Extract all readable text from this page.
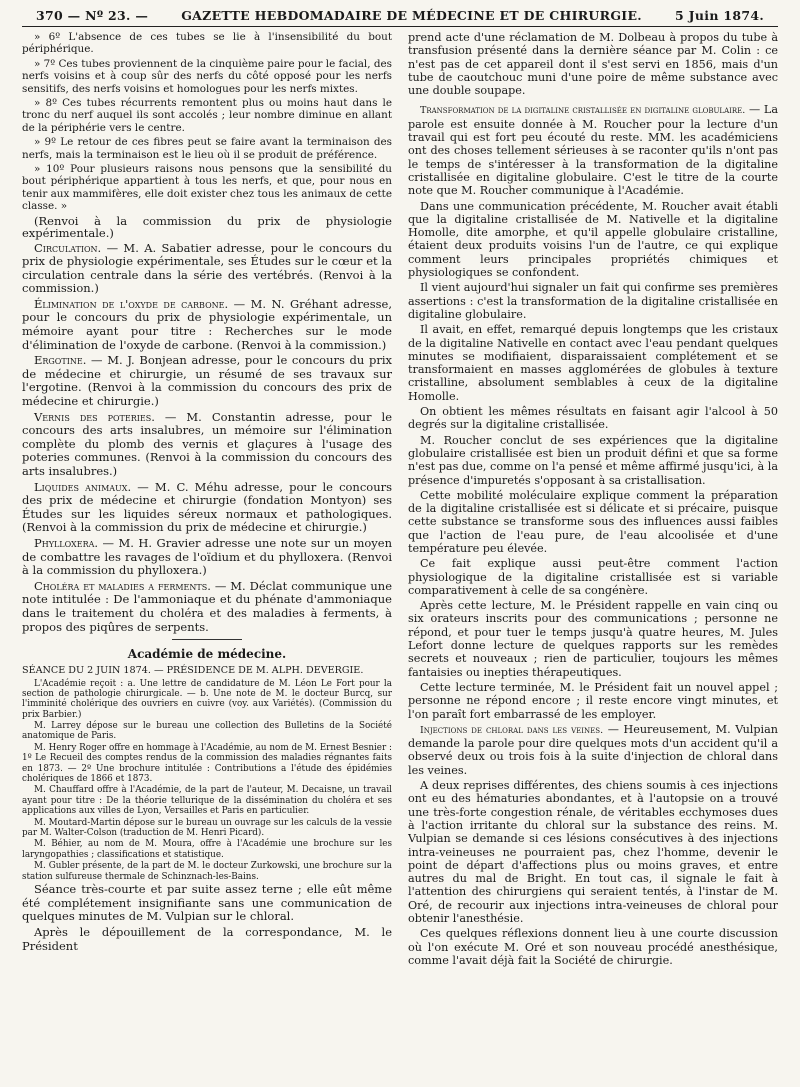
370 — Nº 23. —	GAZETTE HEBDOMADAIRE DE MÉDECINE ET DE CHIRURGIE.	5 Juin 1874.

» 6º L'absence de ces tubes se lie à l'insensibilité du bout périphérique.

» 7º Ces tubes proviennent de la cinquième paire pour le facial, des nerfs voisins et à coup sûr des nerfs du côté opposé pour les nerfs sensitifs, des nerfs voisins et homologues pour les nerfs mixtes.

» 8º Ces tubes récurrents remontent plus ou moins haut dans le tronc du nerf auquel ils sont accolés ; leur nombre diminue en allant de la périphérie vers le centre.

» 9º Le retour de ces fibres peut se faire avant la terminaison des nerfs, mais la terminaison est le lieu où il se produit de préférence.

» 10º Pour plusieurs raisons nous pensons que la sensibilité du bout périphérique appartient à tous les nerfs, et que, pour nous en tenir aux mammifères, elle doit exister chez tous les animaux de cette classe. »

(Renvoi à la commission du prix de physiologie expérimentale.)

Circulation. — M. A. Sabatier adresse, pour le concours du prix de physiologie expérimentale, ses Études sur le cœur et la circulation centrale dans la série des vertébrés. (Renvoi à la commission.)

Élimination de l'oxyde de carbone. — M. N. Gréhant adresse, pour le concours du prix de physiologie expérimentale, un mémoire ayant pour titre : Recherches sur le mode d'élimination de l'oxyde de carbone. (Renvoi à la commission.)

Ergotine. — M. J. Bonjean adresse, pour le concours du prix de médecine et chirurgie, un résumé de ses travaux sur l'ergotine. (Renvoi à la commission du concours des prix de médecine et chirurgie.)

Vernis des poteries. — M. Constantin adresse, pour le concours des arts insalubres, un mémoire sur l'élimination complète du plomb des vernis et glaçures à l'usage des poteries communes. (Renvoi à la commission du concours des arts insalubres.)

Liquides animaux. — M. C. Méhu adresse, pour le concours des prix de médecine et chirurgie (fondation Montyon) ses Études sur les liquides séreux normaux et pathologiques. (Renvoi à la commission du prix de médecine et chirurgie.)

Phylloxera. — M. H. Gravier adresse une note sur un moyen de combattre les ravages de l'oïdium et du phylloxera. (Renvoi à la commission du phylloxera.)

Choléra et maladies a ferments. — M. Déclat communique une note intitulée : De l'ammoniaque et du phénate d'ammoniaque dans le traitement du choléra et des maladies à ferments, à propos des piqûres de serpents.

Académie de médecine.

SÉANCE DU 2 JUIN 1874. — PRÉSIDENCE DE M. ALPH. DEVERGIE.

L'Académie reçoit : a. Une lettre de candidature de M. Léon Le Fort pour la section de pathologie chirurgicale. — b. Une note de M. le docteur Burcq, sur l'imminité cholérique des ouvriers en cuivre (voy. aux Variétés). (Commission du prix Barbier.)

M. Larrey dépose sur le bureau une collection des Bulletins de la Société anatomique de Paris.

M. Henry Roger offre en hommage à l'Académie, au nom de M. Ernest Besnier : 1º Le Recueil des comptes rendus de la commission des maladies régnantes faits en 1873. — 2º Une brochure intitulée : Contributions a l'étude des épidémies cholériques de 1866 et 1873.

M. Chauffard offre à l'Académie, de la part de l'auteur, M. Decaisne, un travail ayant pour titre : De la théorie tellurique de la dissémination du choléra et ses applications aux villes de Lyon, Versailles et Paris en particulier.

M. Moutard-Martin dépose sur le bureau un ouvrage sur les calculs de la vessie par M. Walter-Colson (traduction de M. Henri Picard).

M. Béhier, au nom de M. Moura, offre à l'Académie une brochure sur les laryngopathies ; classifications et statistique.

M. Gubler présente, de la part de M. le docteur Zurkowski, une brochure sur la station sulfureuse thermale de Schinznach-les-Bains.

Séance très-courte et par suite assez terne ; elle eût même été complétement insignifiante sans une communication de quelques minutes de M. Vulpian sur le chloral.

Après le dépouillement de la correspondance, M. le Président

prend acte d'une réclamation de M. Dolbeau à propos du tube à transfusion présenté dans la dernière séance par M. Colin : ce n'est pas de cet appareil dont il s'est servi en 1856, mais d'un tube de caoutchouc muni d'une poire de même substance avec une double soupape.

Transformation de la digitaline cristallisée en digitaline globulaire. — La parole est ensuite donnée à M. Roucher pour la lecture d'un travail qui est fort peu écouté du reste. MM. les académiciens ont des choses tellement sérieuses à se raconter qu'ils n'ont pas le temps de s'intéresser à la transformation de la digitaline cristallisée en digitaline globulaire. C'est le titre de la courte note que M. Roucher communique à l'Académie.

Dans une communication précédente, M. Roucher avait établi que la digitaline cristallisée de M. Nativelle et la digitaline Homolle, dite amorphe, et qu'il appelle globulaire cristalline, étaient deux produits voisins l'un de l'autre, ce qui explique comment leurs principales propriétés chimiques et physiologiques se confondent.

Il vient aujourd'hui signaler un fait qui confirme ses premières assertions : c'est la transformation de la digitaline cristallisée en digitaline globulaire.

Il avait, en effet, remarqué depuis longtemps que les cristaux de la digitaline Nativelle en contact avec l'eau pendant quelques minutes se modifiaient, disparaissaient complétement et se transformaient en masses agglomérées de globules à texture cristalline, absolument semblables à ceux de la digitaline Homolle.

On obtient les mêmes résultats en faisant agir l'alcool à 50 degrés sur la digitaline cristallisée.

M. Roucher conclut de ses expériences que la digitaline globulaire cristallisée est bien un produit défini et que sa forme n'est pas due, comme on l'a pensé et même affirmé jusqu'ici, à la présence d'impuretés s'opposant à sa cristallisation.

Cette mobilité moléculaire explique comment la préparation de la digitaline cristallisée est si délicate et si précaire, puisque cette substance se transforme sous des influences aussi faibles que l'action de l'eau pure, de l'eau alcoolisée et d'une température peu élevée.

Ce fait explique aussi peut-être comment l'action physiologique de la digitaline cristallisée est si variable comparativement à celle de sa congénère.

Après cette lecture, M. le Président rappelle en vain cinq ou six orateurs inscrits pour des communications ; personne ne répond, et pour tuer le temps jusqu'à quatre heures, M. Jules Lefort donne lecture de quelques rapports sur les remèdes secrets et nouveaux ; rien de particulier, toujours les mêmes fantaisies ou inepties thérapeutiques.

Cette lecture terminée, M. le Président fait un nouvel appel ; personne ne répond encore ; il reste encore vingt minutes, et l'on paraît fort embarrassé de les employer.

Injections de chloral dans les veines. — Heureusement, M. Vulpian demande la parole pour dire quelques mots d'un accident qu'il a observé deux ou trois fois à la suite d'injection de chloral dans les veines.

A deux reprises différentes, des chiens soumis à ces injections ont eu des hématuries abondantes, et à l'autopsie on a trouvé une très-forte congestion rénale, de véritables ecchymoses dues à l'action irritante du chloral sur la substance des reins. M. Vulpian se demande si ces lésions consécutives à des injections intra-veineuses ne pourraient pas, chez l'homme, devenir le point de départ d'affections plus ou moins graves, et entre autres du mal de Bright. En tout cas, il signale le fait à l'attention des chirurgiens qui seraient tentés, à l'instar de M. Oré, de recourir aux injections intra-veineuses de chloral pour obtenir l'anesthésie.

Ces quelques réflexions donnent lieu à une courte discussion où l'on exécute M. Oré et son nouveau procédé anesthésique, comme l'avait déjà fait la Société de chirurgie.
